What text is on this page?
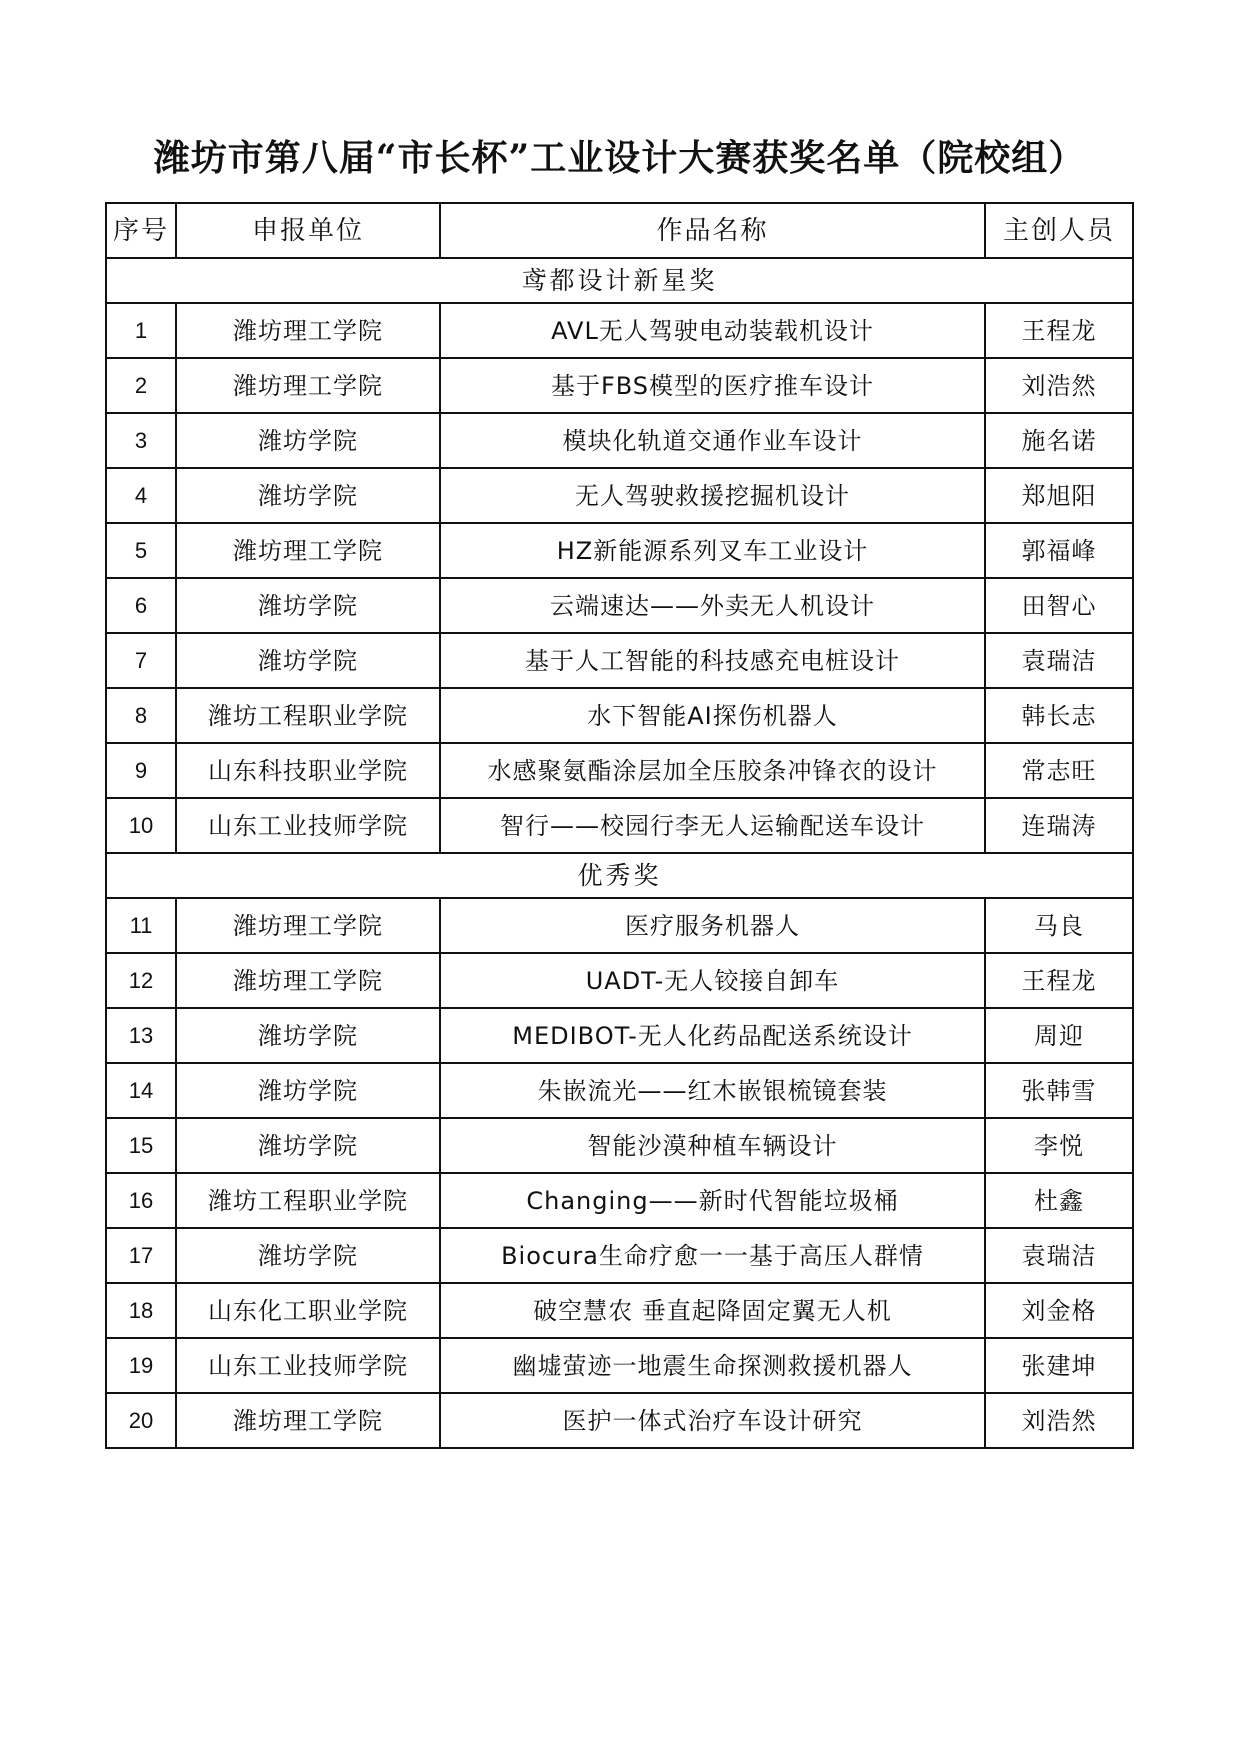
潍坊市第八届“市长杯”工业设计大赛获奖名单（院校组）
序号	申报单位	作品名称	主创人员
鸢都设计新星奖			
1	潍坊理工学院	AVL无人驾驶电动装载机设计	王程龙
2	潍坊理工学院	基于FBS模型的医疗推车设计	刘浩然
3	潍坊学院	模块化轨道交通作业车设计	施名诺
4	潍坊学院	无人驾驶救援挖掘机设计	郑旭阳
5	潍坊理工学院	HZ新能源系列叉车工业设计	郭福峰
6	潍坊学院	云端速达——外卖无人机设计	田智心
7	潍坊学院	基于人工智能的科技感充电桩设计	袁瑞洁
8	潍坊工程职业学院	水下智能AI探伤机器人	韩长志
9	山东科技职业学院	水感聚氨酯涂层加全压胶条冲锋衣的设计	常志旺
10	山东工业技师学院	智行——校园行李无人运输配送车设计	连瑞涛
优秀奖			
11	潍坊理工学院	医疗服务机器人	马良
12	潍坊理工学院	UADT-无人铰接自卸车	王程龙
13	潍坊学院	MEDIBOT-无人化药品配送系统设计	周迎
14	潍坊学院	朱嵌流光——红木嵌银梳镜套装	张韩雪
15	潍坊学院	智能沙漠种植车辆设计	李悦
16	潍坊工程职业学院	Changing——新时代智能垃圾桶	杜鑫
17	潍坊学院	Biocura生命疗愈一一基于高压人群情	袁瑞洁
18	山东化工职业学院	破空慧农 垂直起降固定翼无人机	刘金格
19	山东工业技师学院	幽墟萤迹一地震生命探测救援机器人	张建坤
20	潍坊理工学院	医护一体式治疗车设计研究	刘浩然
